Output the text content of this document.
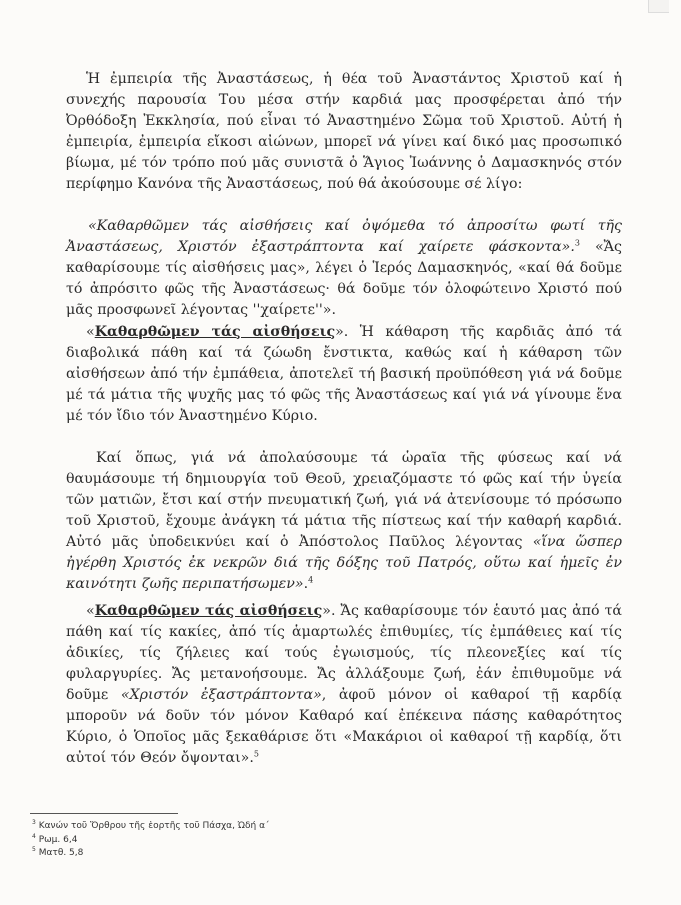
Ἡ ἐμπειρία τῆς Ἀναστάσεως, ἡ θέα τοῦ Ἀναστάντος Χριστοῦ καί ἡ συνεχής παρουσία Του μέσα στήν καρδιά μας προσφέρεται ἀπό τήν Ὀρθόδοξη Ἐκκλησία, πού εἶναι τό Ἀναστημένο Σῶμα τοῦ Χριστοῦ. Αὐτή ἡ ἐμπειρία, ἐμπειρία εἴκοσι αἰώνων, μπορεῖ νά γίνει καί δικό μας προσωπικό βίωμα, μέ τόν τρόπο πού μᾶς συνιστᾶ ὁ Ἅγιος Ἰωάννης ὁ Δαμασκηνός στόν περίφημο Κανόνα τῆς Ἀναστάσεως, πού θά ἀκούσουμε σέ λίγο:

«Καθαρθῶμεν τάς αἰσθήσεις καί ὀψόμεθα τό ἀπροσίτω φωτί τῆς Ἀναστάσεως, Χριστόν ἐξαστράπτοντα καί χαίρετε φάσκοντα».$^3$ «Ἄς καθαρίσουμε τίς αἰσθήσεις μας», λέγει ὁ Ἱερός Δαμασκηνός, «καί θά δοῦμε τό ἀπρόσιτο φῶς τῆς Ἀναστάσεως· θά δοῦμε τόν ὁλοφώτεινο Χριστό πού μᾶς προσφωνεῖ λέγοντας ''χαίρετε''».

«Καθαρθῶμεν τάς αἰσθήσεις». Ἡ κάθαρση τῆς καρδιᾶς ἀπό τά διαβολικά πάθη καί τά ζώωδη ἔνστικτα, καθώς καί ἡ κάθαρση τῶν αἰσθήσεων ἀπό τήν ἐμπάθεια, ἀποτελεῖ τή βασική προϋπόθεση γιά νά δοῦμε μέ τά μάτια τῆς ψυχῆς μας τό φῶς τῆς Ἀναστάσεως καί γιά νά γίνουμε ἕνα μέ τόν ἴδιο τόν Ἀναστημένο Κύριο.

Καί ὅπως, γιά νά ἀπολαύσουμε τά ὡραῖα τῆς φύσεως καί νά θαυμάσουμε τή δημιουργία τοῦ Θεοῦ, χρειαζόμαστε τό φῶς καί τήν ὑγεία τῶν ματιῶν, ἔτσι καί στήν πνευματική ζωή, γιά νά ἀτενίσουμε τό πρόσωπο τοῦ Χριστοῦ, ἔχουμε ἀνάγκη τά μάτια τῆς πίστεως καί τήν καθαρή καρδιά. Αὐτό μᾶς ὑποδεικνύει καί ὁ Ἀπόστολος Παῦλος λέγοντας «ἵνα ὥσπερ ἠγέρθη Χριστός ἐκ νεκρῶν διά τῆς δόξης τοῦ Πατρός, οὕτω καί ἡμεῖς ἐν καινότητι ζωῆς περιπατήσωμεν».$^4$

«Καθαρθῶμεν τάς αἰσθήσεις». Ἄς καθαρίσουμε τόν ἑαυτό μας ἀπό τά πάθη καί τίς κακίες, ἀπό τίς ἁμαρτωλές ἐπιθυμίες, τίς ἐμπάθειες καί τίς ἀδικίες, τίς ζήλειες καί τούς ἐγωισμούς, τίς πλεονεξίες καί τίς φυλαργυρίες. Ἄς μετανοήσουμε. Ἄς ἀλλάξουμε ζωή, ἐάν ἐπιθυμοῦμε νά δοῦμε «Χριστόν ἐξαστράπτοντα», ἀφοῦ μόνον οἱ καθαροί τῇ καρδίᾳ μποροῦν νά δοῦν τόν μόνον Καθαρό καί ἐπέκεινα πάσης καθαρότητος Κύριο, ὁ Ὁποῖος μᾶς ξεκαθάρισε ὅτι «Μακάριοι οἱ καθαροί τῇ καρδίᾳ, ὅτι αὐτοί τόν Θεόν ὄψονται».$^5$

$^3$ Κανών τοῦ Ὄρθρου τῆς ἑορτῆς τοῦ Πάσχα, Ὠδή α΄
$^4$ Ρωμ. 6,4
$^5$ Ματθ. 5,8
